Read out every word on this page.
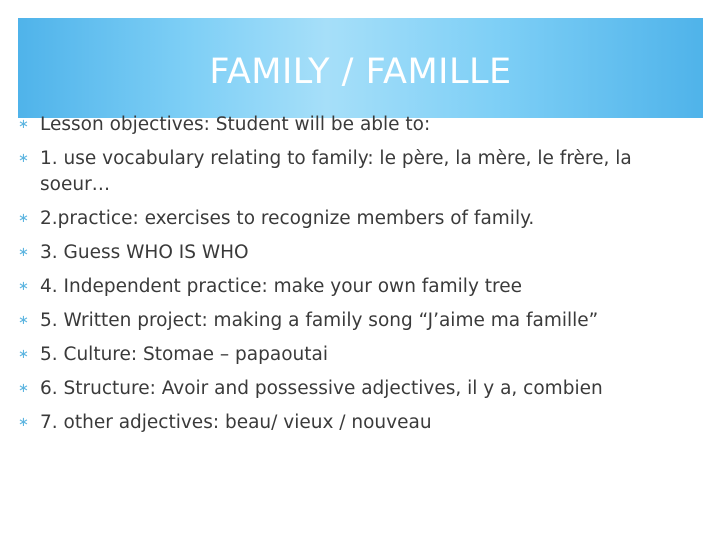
FAMILY / FAMILLE
∗ Lesson objectives: Student will be able to:
∗ 1. use vocabulary relating to family: le père, la mère, le frère, la soeur…
∗ 2.practice: exercises to recognize members of family.
∗ 3. Guess WHO IS WHO
∗ 4. Independent practice: make your own family tree
∗ 5. Written project: making a family song “J’aime ma famille”
∗ 5. Culture: Stomae – papaoutai
∗ 6. Structure: Avoir and possessive adjectives, il y a, combien
∗ 7. other adjectives: beau/ vieux / nouveau
